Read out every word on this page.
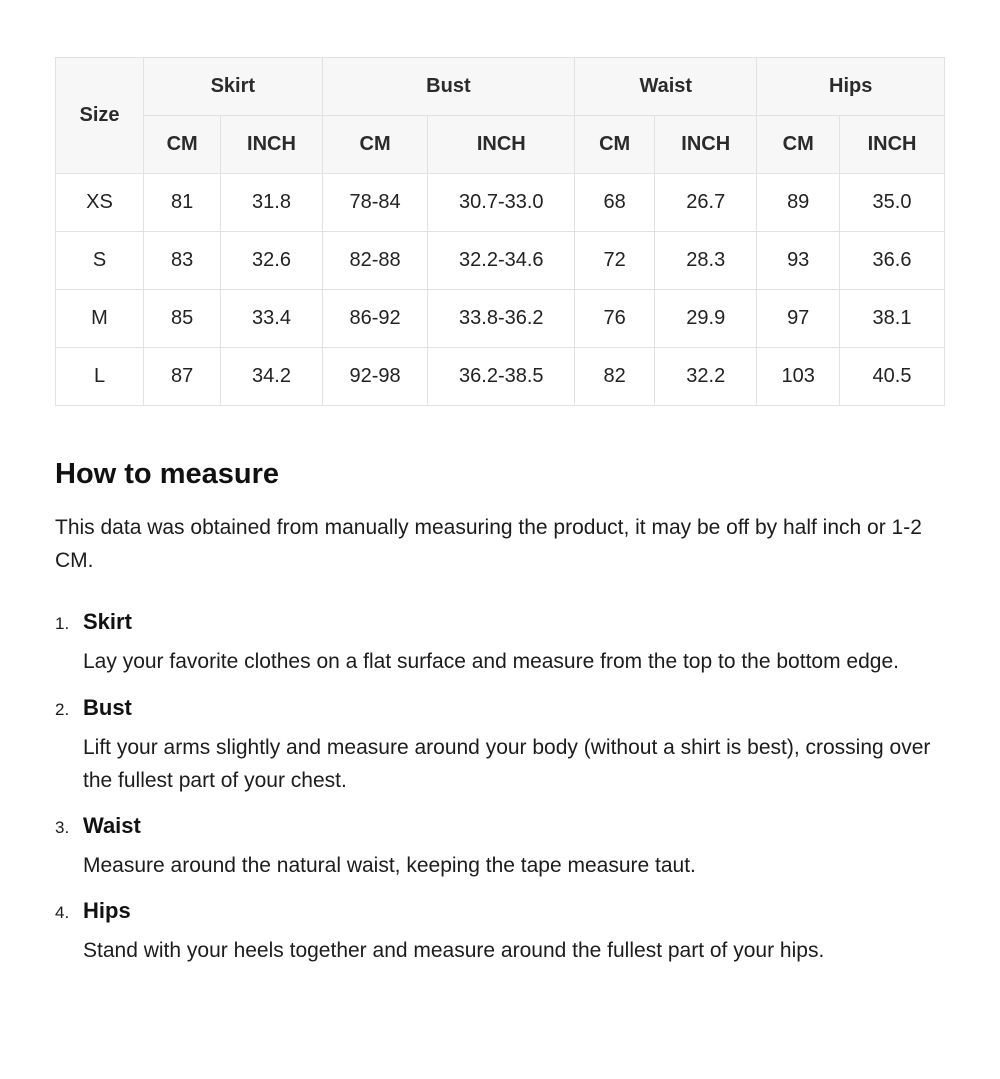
Size	Skirt		Bust		Waist		Hips	
	CM	INCH	CM	INCH	CM	INCH	CM	INCH
XS	81	31.8	78-84	30.7-33.0	68	26.7	89	35.0
S	83	32.6	82-88	32.2-34.6	72	28.3	93	36.6
M	85	33.4	86-92	33.8-36.2	76	29.9	97	38.1
L	87	34.2	92-98	36.2-38.5	82	32.2	103	40.5
How to measure

This data was obtained from manually measuring the product, it may be off by half inch or 1-2 CM.

1. Skirt

Lay your favorite clothes on a flat surface and measure from the top to the bottom edge.

2. Bust

Lift your arms slightly and measure around your body (without a shirt is best), crossing over the fullest part of your chest.

3. Waist

Measure around the natural waist, keeping the tape measure taut.

4. Hips

Stand with your heels together and measure around the fullest part of your hips.
